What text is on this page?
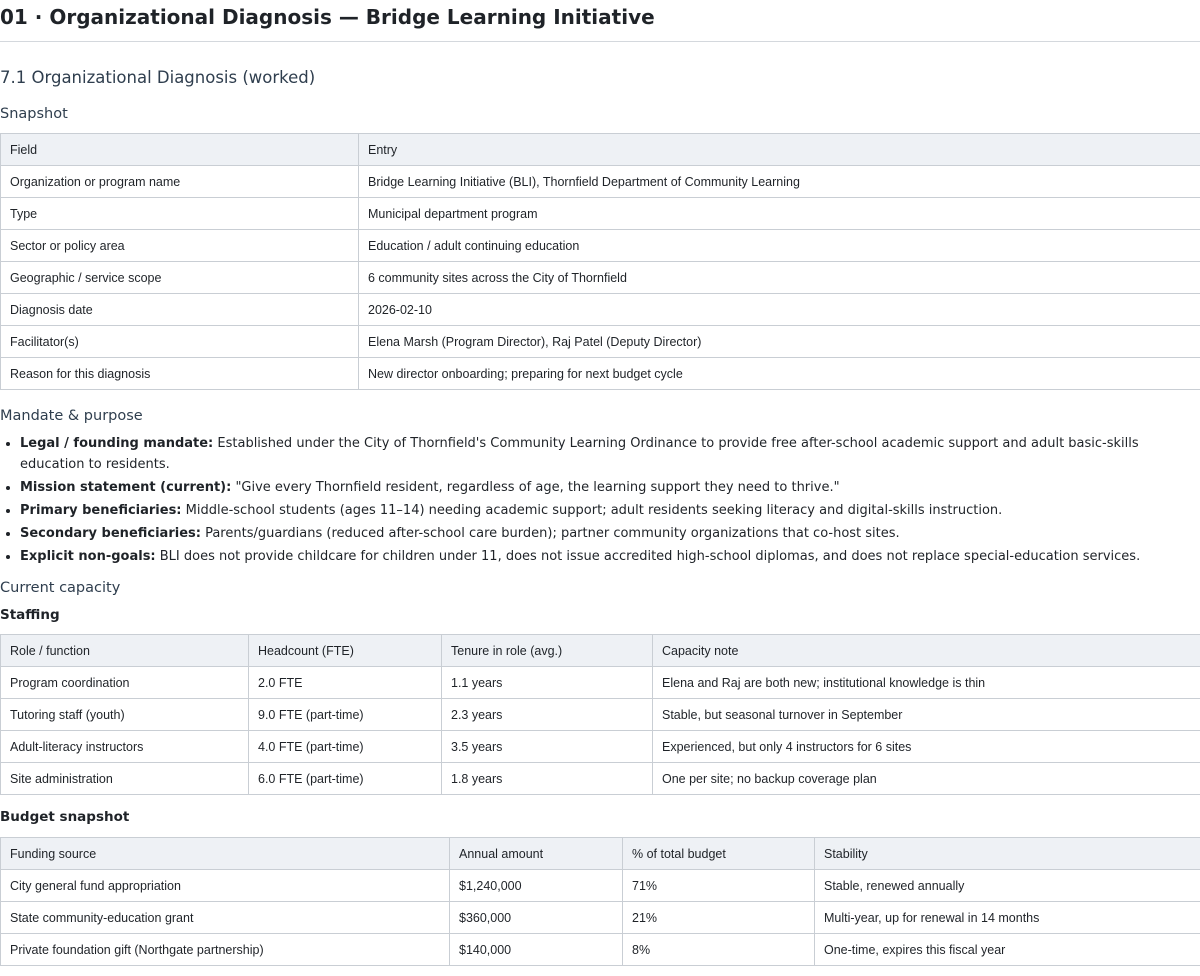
01 · Organizational Diagnosis — Bridge Learning Initiative
7.1 Organizational Diagnosis (worked)
Snapshot
Field	Entry
Organization or program name	Bridge Learning Initiative (BLI), Thornfield Department of Community Learning
Type	Municipal department program
Sector or policy area	Education / adult continuing education
Geographic / service scope	6 community sites across the City of Thornfield
Diagnosis date	2026-02-10
Facilitator(s)	Elena Marsh (Program Director), Raj Patel (Deputy Director)
Reason for this diagnosis	New director onboarding; preparing for next budget cycle
Mandate & purpose
• Legal / founding mandate: Established under the City of Thornfield's Community Learning Ordinance to provide free after-school academic support and adult basic-skills education to residents.
• Mission statement (current): "Give every Thornfield resident, regardless of age, the learning support they need to thrive."
• Primary beneficiaries: Middle-school students (ages 11–14) needing academic support; adult residents seeking literacy and digital-skills instruction.
• Secondary beneficiaries: Parents/guardians (reduced after-school care burden); partner community organizations that co-host sites.
• Explicit non-goals: BLI does not provide childcare for children under 11, does not issue accredited high-school diplomas, and does not replace special-education services.
Current capacity
Staffing
Role / function	Headcount (FTE)	Tenure in role (avg.)	Capacity note
Program coordination	2.0 FTE	1.1 years	Elena and Raj are both new; institutional knowledge is thin
Tutoring staff (youth)	9.0 FTE (part-time)	2.3 years	Stable, but seasonal turnover in September
Adult-literacy instructors	4.0 FTE (part-time)	3.5 years	Experienced, but only 4 instructors for 6 sites
Site administration	6.0 FTE (part-time)	1.8 years	One per site; no backup coverage plan
Budget snapshot
Funding source	Annual amount	% of total budget	Stability
City general fund appropriation	$1,240,000	71%	Stable, renewed annually
State community-education grant	$360,000	21%	Multi-year, up for renewal in 14 months
Private foundation gift (Northgate partnership)	$140,000	8%	One-time, expires this fiscal year
